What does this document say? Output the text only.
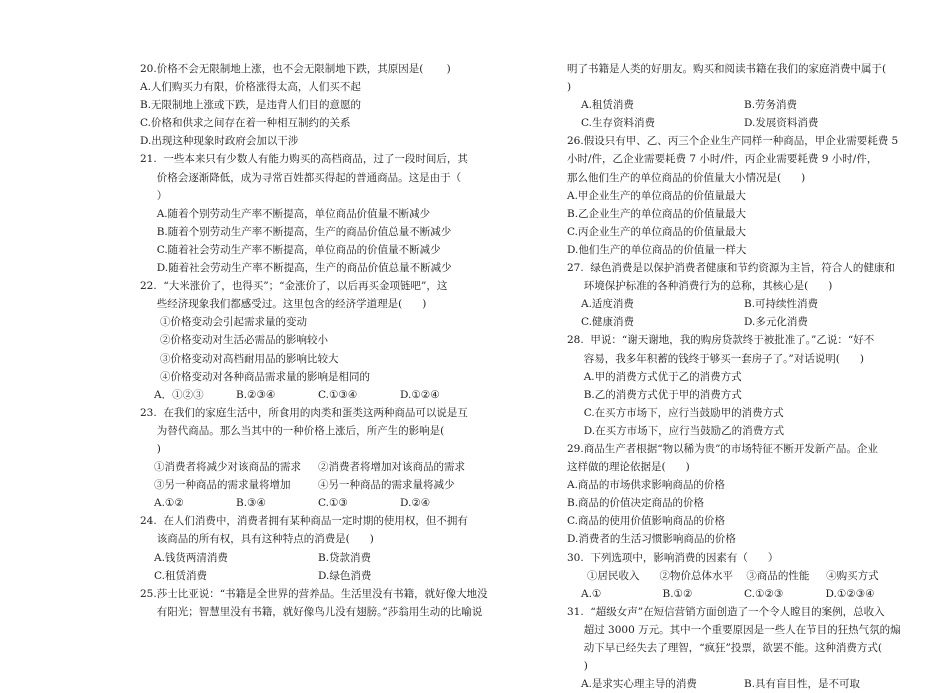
20.价格不会无限制地上涨，也不会无限制地下跌，其原因是(       )
A.人们购买力有限，价格涨得太高，人们买不起
B.无限制地上涨或下跌，是违背人们目的意愿的
C.价格和供求之间存在着一种相互制约的关系
D.出现这种现象时政府会加以干涉
21.  一些本来只有少数人有能力购买的高档商品，过了一段时间后，其
价格会逐渐降低，成为寻常百姓都买得起的普通商品。这是由于（
）
A.随着个别劳动生产率不断提高，单位商品价值量不断减少
B.随着个别劳动生产率不断提高，生产的商品价值总量不断减少
C.随着社会劳动生产率不断提高，单位商品的价值量不断减少
D.随着社会劳动生产率不断提高，生产的商品价值总量不断减少
22.  “大米涨价了，也得买”；“金涨价了，以后再买金项链吧”，这
些经济现象我们都感受过。这里包含的经济学道理是(      )
①价格变动会引起需求量的变动
②价格变动对生活必需品的影响较小
③价格变动对高档耐用品的影响比较大
④价格变动对各种商品需求量的影响是相同的
A．①②③	B.②③④	C.①③④	D.①②④
23.  在我们的家庭生活中，所食用的肉类和蛋类这两种商品可以说是互
为替代商品。那么当其中的一种价格上涨后，所产生的影响是(
)
①消费者将减少对该商品的需求	②消费者将增加对该商品的需求
③另一种商品的需求量将增加	④另一种商品的需求量将减少
A.①②	B.③④	C.①③	D.②④
24.  在人们消费中，消费者拥有某种商品一定时期的使用权，但不拥有
该商品的所有权，具有这种特点的消费是(      )
A.钱货两清消费	B.贷款消费
C.租赁消费	D.绿色消费
25.莎士比亚说：“书籍是全世界的营养品。生活里没有书籍，就好像大地没
有阳光；智慧里没有书籍，就好像鸟儿没有翅膀。”莎翁用生动的比喻说
明了书籍是人类的好朋友。购买和阅读书籍在我们的家庭消费中属于(
)
A.租赁消费	B.劳务消费
C.生存资料消费	D.发展资料消费
26.假设只有甲、乙、丙三个企业生产同样一种商品，甲企业需要耗费 5
小时/件，乙企业需要耗费 7 小时/件，丙企业需要耗费 9 小时/件，
那么他们生产的单位商品的价值量大小情况是(      )
A.甲企业生产的单位商品的价值量最大
B.乙企业生产的单位商品的价值量最大
C.丙企业生产的单位商品的价值量最大
D.他们生产的单位商品的价值量一样大
27.  绿色消费是以保护消费者健康和节约资源为主旨，符合人的健康和
环境保护标准的各种消费行为的总称，其核心是(      )
A.适度消费	B.可持续性消费
C.健康消费	D.多元化消费
28.  甲说：“谢天谢地，我的购房贷款终于被批准了。”乙说：“好不
容易，我多年积蓄的钱终于够买一套房子了。”对话说明(      )
A.甲的消费方式优于乙的消费方式
B.乙的消费方式优于甲的消费方式
C.在买方市场下，应行当鼓励甲的消费方式
D.在买方市场下，应行当鼓励乙的消费方式
29.商品生产者根据“物以稀为贵”的市场特征不断开发新产品。企业
这样做的理论依据是(      )
A.商品的市场供求影响商品的价格
B.商品的价值决定商品的价格
C.商品的使用价值影响商品的价格
D.消费者的生活习惯影响商品的价格
30.  下列选项中，影响消费的因素有（      ）
①居民收入      ②物价总体水平    ③商品的性能     ④购买方式
A.①	B.①②	C.①②③	D.①②③④
31.  “超级女声”在短信营销方面创造了一个令人瞠目的案例，总收入
超过 3000 万元。其中一个重要原因是一些人在节目的狂热气氛的煽
动下早已经失去了理智，“疯狂”投票，欲罢不能。这种消费方式(
)
A.是求实心理主导的消费	B.具有盲目性，是不可取
